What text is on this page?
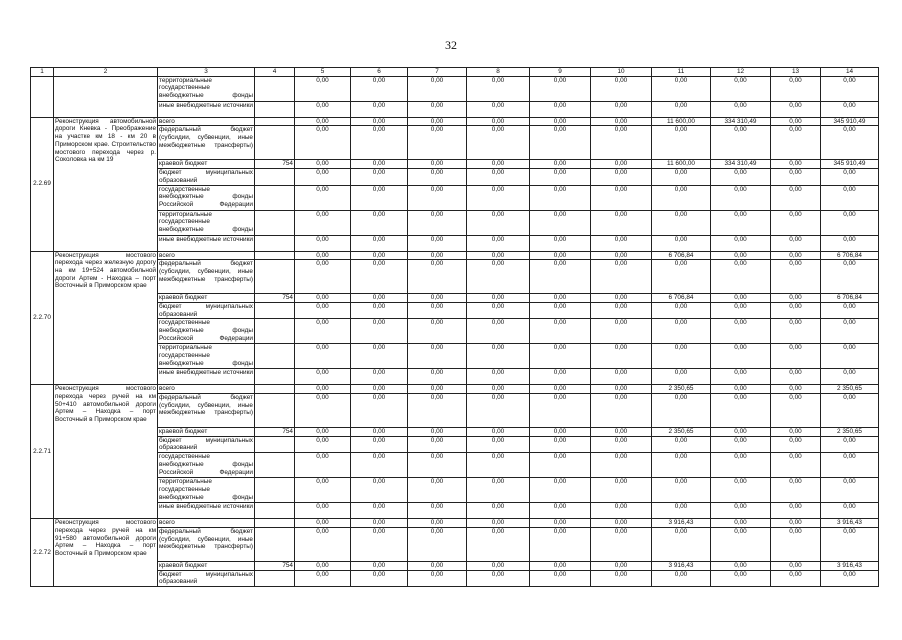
32
1	2	3	4	5	6	7	8	9	10	11	12	13	14
		территориальные государственные внебюджетные фонды		0,00	0,00	0,00	0,00	0,00	0,00	0,00	0,00	0,00	0,00
		иные внебюджетные источники		0,00	0,00	0,00	0,00	0,00	0,00	0,00	0,00	0,00	0,00
2.2.69	Реконструкция автомобильной дороги Кневка - Преображение на участке км 18 - км 20 в Приморском крае. Строительство мостового перехода через р. Соколовка на км 19	всего		0,00	0,00	0,00	0,00	0,00	0,00	11 600,00	334 310,49	0,00	345 910,49
		федеральный бюджет (субсидии, субвенции, иные межбюджетные трансферты)		0,00	0,00	0,00	0,00	0,00	0,00	0,00	0,00	0,00	0,00
		краевой бюджет	754	0,00	0,00	0,00	0,00	0,00	0,00	11 600,00	334 310,49	0,00	345 910,49
		бюджет муниципальных образований		0,00	0,00	0,00	0,00	0,00	0,00	0,00	0,00	0,00	0,00
		государственные внебюджетные фонды Российской Федерации		0,00	0,00	0,00	0,00	0,00	0,00	0,00	0,00	0,00	0,00
		территориальные государственные внебюджетные фонды		0,00	0,00	0,00	0,00	0,00	0,00	0,00	0,00	0,00	0,00
		иные внебюджетные источники		0,00	0,00	0,00	0,00	0,00	0,00	0,00	0,00	0,00	0,00
2.2.70	Реконструкция мостового перехода через железную дорогу на км 19+524 автомобильной дороги Артем - Находка – порт Восточный в Приморском крае	всего		0,00	0,00	0,00	0,00	0,00	0,00	6 706,84	0,00	0,00	6 706,84
		федеральный бюджет (субсидии, субвенции, иные межбюджетные трансферты)		0,00	0,00	0,00	0,00	0,00	0,00	0,00	0,00	0,00	0,00
		краевой бюджет	754	0,00	0,00	0,00	0,00	0,00	0,00	6 706,84	0,00	0,00	6 706,84
		бюджет муниципальных образований		0,00	0,00	0,00	0,00	0,00	0,00	0,00	0,00	0,00	0,00
		государственные внебюджетные фонды Российской Федерации		0,00	0,00	0,00	0,00	0,00	0,00	0,00	0,00	0,00	0,00
		территориальные государственные внебюджетные фонды		0,00	0,00	0,00	0,00	0,00	0,00	0,00	0,00	0,00	0,00
		иные внебюджетные источники		0,00	0,00	0,00	0,00	0,00	0,00	0,00	0,00	0,00	0,00
2.2.71	Реконструкция мостового перехода через ручей на км 50+410 автомобильной дороги Артем – Находка – порт Восточный в Приморском крае	всего		0,00	0,00	0,00	0,00	0,00	0,00	2 350,65	0,00	0,00	2 350,65
		федеральный бюджет (субсидии, субвенции, иные межбюджетные трансферты)		0,00	0,00	0,00	0,00	0,00	0,00	0,00	0,00	0,00	0,00
		краевой бюджет	754	0,00	0,00	0,00	0,00	0,00	0,00	2 350,65	0,00	0,00	2 350,65
		бюджет муниципальных образований		0,00	0,00	0,00	0,00	0,00	0,00	0,00	0,00	0,00	0,00
		государственные внебюджетные фонды Российской Федерации		0,00	0,00	0,00	0,00	0,00	0,00	0,00	0,00	0,00	0,00
		территориальные государственные внебюджетные фонды		0,00	0,00	0,00	0,00	0,00	0,00	0,00	0,00	0,00	0,00
		иные внебюджетные источники		0,00	0,00	0,00	0,00	0,00	0,00	0,00	0,00	0,00	0,00
2.2.72	Реконструкция мостового перехода через ручей на км 91+580 автомобильной дороги Артем – Находка – порт Восточный в Приморском крае	всего		0,00	0,00	0,00	0,00	0,00	0,00	3 916,43	0,00	0,00	3 916,43
		федеральный бюджет (субсидии, субвенции, иные межбюджетные трансферты)		0,00	0,00	0,00	0,00	0,00	0,00	0,00	0,00	0,00	0,00
		краевой бюджет	754	0,00	0,00	0,00	0,00	0,00	0,00	3 916,43	0,00	0,00	3 916,43
		бюджет муниципальных образований		0,00	0,00	0,00	0,00	0,00	0,00	0,00	0,00	0,00	0,00
